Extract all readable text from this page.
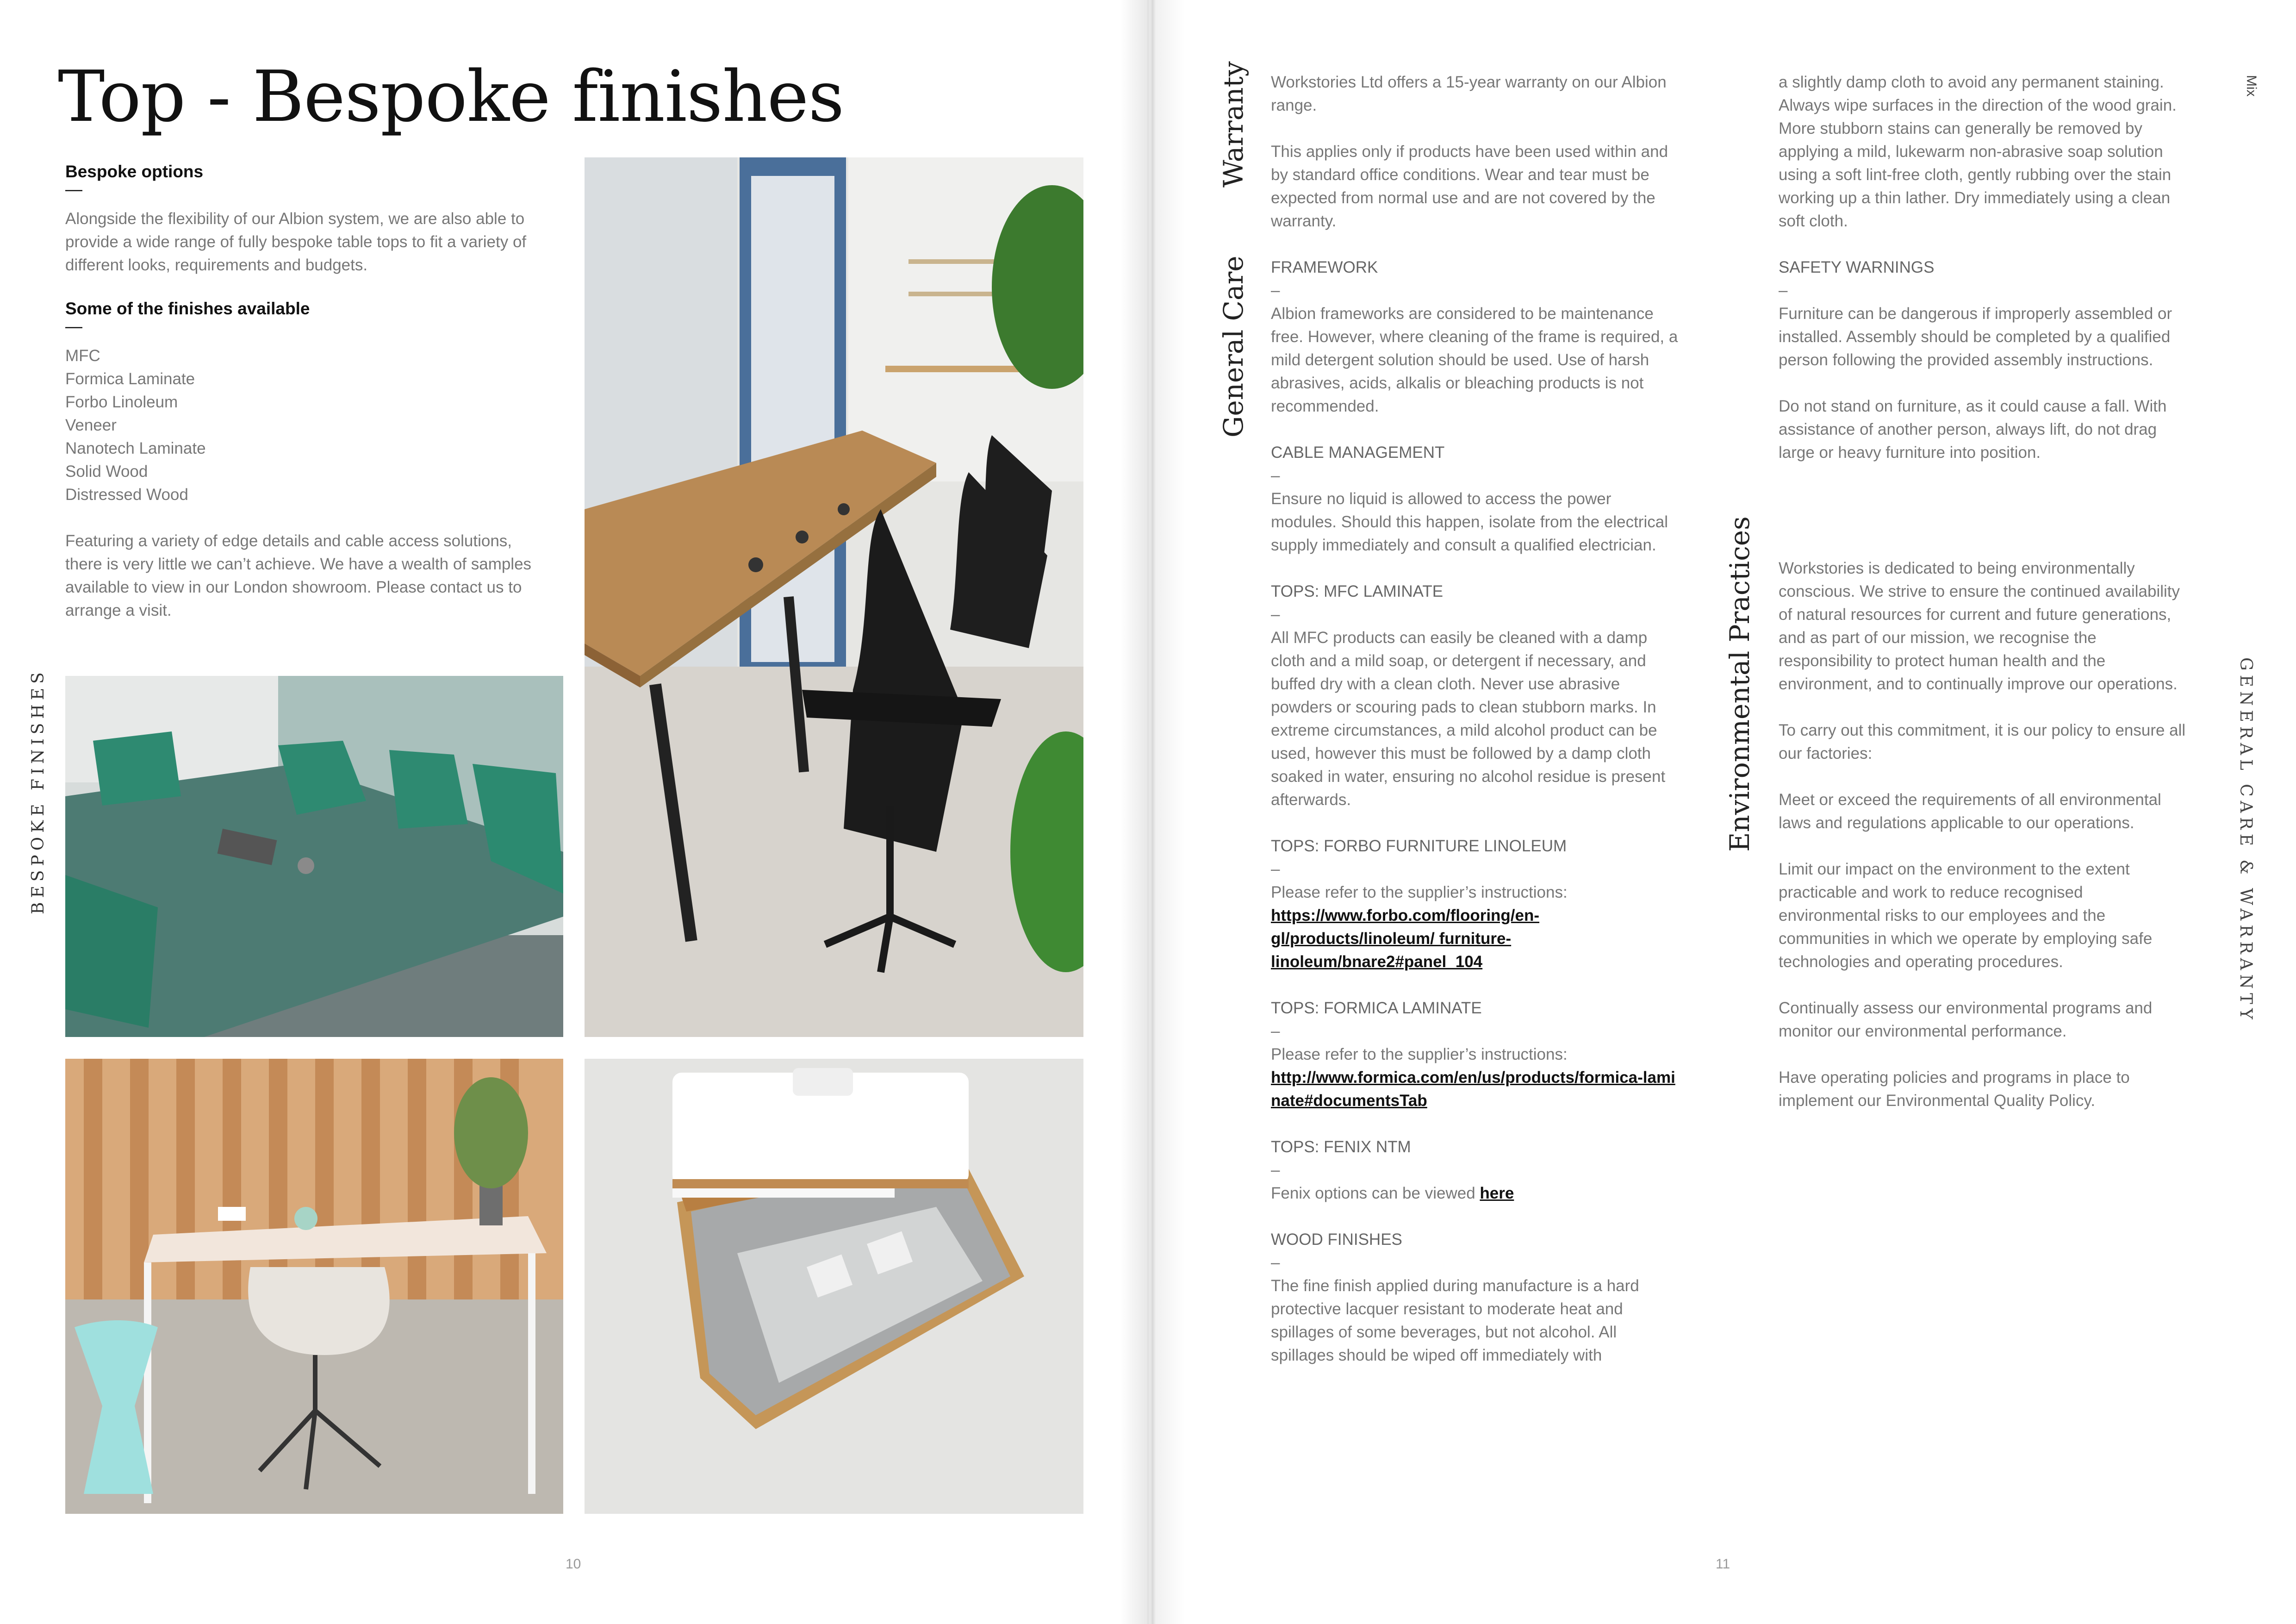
Top - Bespoke finishes
BESPOKE FINISHES
Bespoke options
—
Alongside the flexibility of our Albion system, we are also able to provide a wide range of fully bespoke table tops to fit a variety of different looks, requirements and budgets.
Some of the finishes available
—
MFC
Formica Laminate
Forbo Linoleum
Veneer
Nanotech Laminate
Solid Wood
Distressed Wood
Featuring a variety of edge details and cable access solutions, there is very little we can’t achieve. We have a wealth of samples available to view in our London showroom. Please contact us to arrange a visit.
10
Warranty
General Care
Environmental Practices
Mix
GENERAL CARE & WARRANTY

Workstories Ltd offers a 15-year warranty on our Albion range.

This applies only if products have been used within and by standard office conditions. Wear and tear must be expected from normal use and are not covered by the warranty.

FRAMEWORK
–

Albion frameworks are considered to be maintenance free. However, where cleaning of the frame is required, a mild detergent solution should be used. Use of harsh abrasives, acids, alkalis or bleaching products is not recommended.

CABLE MANAGEMENT
–

Ensure no liquid is allowed to access the power modules. Should this happen, isolate from the electrical supply immediately and consult a qualified electrician.

TOPS: MFC LAMINATE
–

All MFC products can easily be cleaned with a damp cloth and a mild soap, or detergent if necessary, and buffed dry with a clean cloth. Never use abrasive powders or scouring pads to clean stubborn marks. In extreme circumstances, a mild alcohol product can be used, however this must be followed by a damp cloth soaked in water, ensuring no alcohol residue is present afterwards.

TOPS: FORBO FURNITURE LINOLEUM
–
Please refer to the supplier’s instructions:

https://www.forbo.com/flooring/en-gl/products/linoleum/ furniture-linoleum/bnare2#panel_104

TOPS: FORMICA LAMINATE
–
Please refer to the supplier’s instructions:

http://www.formica.com/en/us/products/formica-laminate#documentsTab

TOPS: FENIX NTM
–

Fenix options can be viewed here

WOOD FINISHES
–

The fine finish applied during manufacture is a hard protective lacquer resistant to moderate heat and spillages of some beverages, but not alcohol. All spillages should be wiped off immediately with

a slightly damp cloth to avoid any permanent staining. Always wipe surfaces in the direction of the wood grain. More stubborn stains can generally be removed by applying a mild, lukewarm non-abrasive soap solution using a soft lint-free cloth, gently rubbing over the stain working up a thin lather. Dry immediately using a clean soft cloth.

SAFETY WARNINGS
–

Furniture can be dangerous if improperly assembled or installed. Assembly should be completed by a qualified person following the provided assembly instructions.

Do not stand on furniture, as it could cause a fall. With assistance of another person, always lift, do not drag large or heavy furniture into position.

Workstories is dedicated to being environmentally conscious. We strive to ensure the continued availability of natural resources for current and future generations, and as part of our mission, we recognise the responsibility to protect human health and the environment, and to continually improve our operations.

To carry out this commitment, it is our policy to ensure all our factories:

Meet or exceed the requirements of all environmental laws and regulations applicable to our operations.

Limit our impact on the environment to the extent practicable and work to reduce recognised environmental risks to our employees and the communities in which we operate by employing safe technologies and operating procedures.

Continually assess our environmental programs and monitor our environmental performance.

Have operating policies and programs in place to implement our Environmental Quality Policy.

11
